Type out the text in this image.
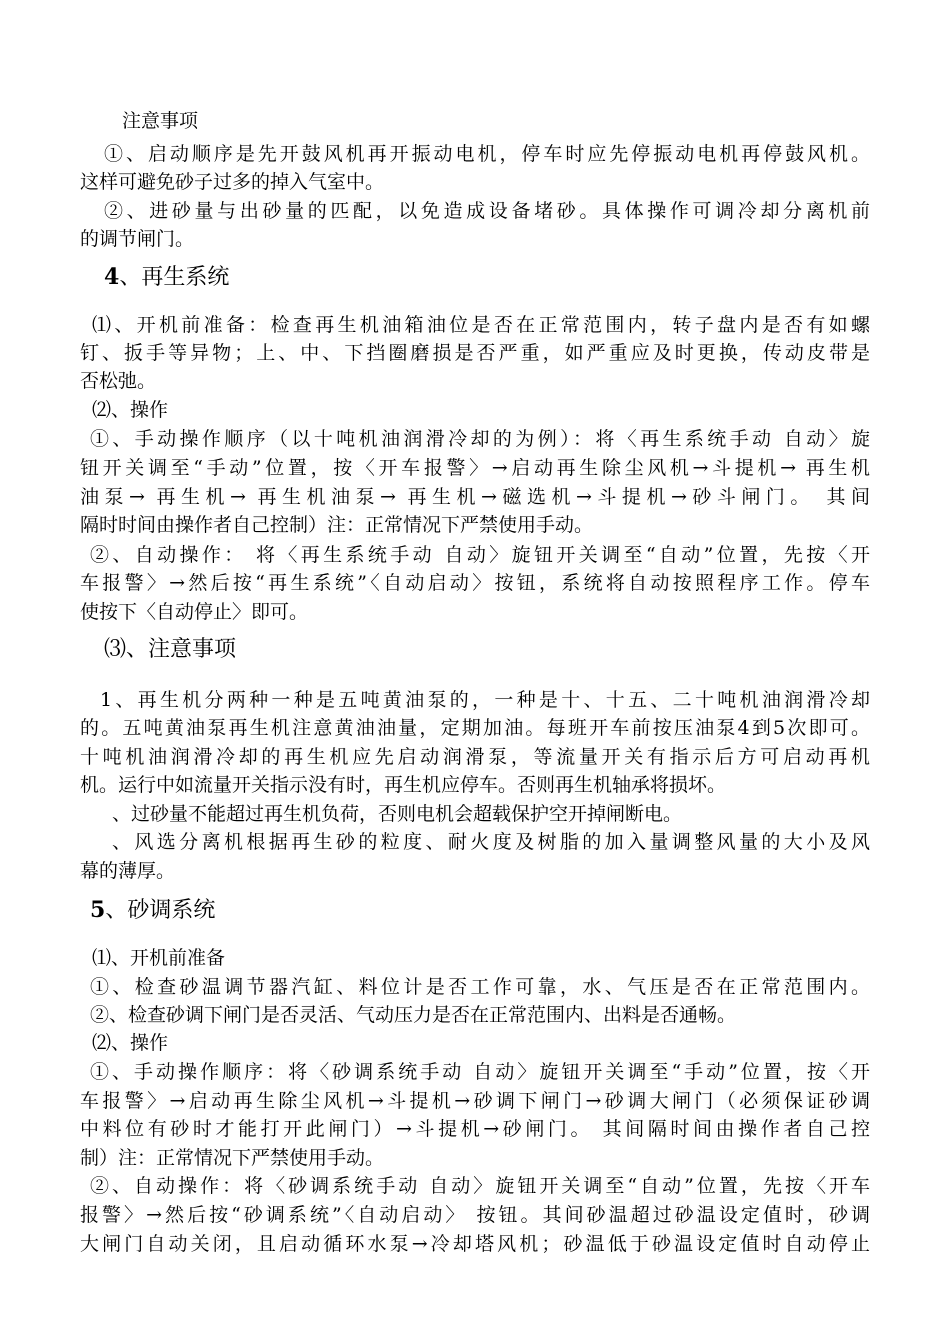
注意事项
①、启动顺序是先开鼓风机再开振动电机，停车时应先停振动电机再停鼓风机。
这样可避免砂子过多的掉入气室中。
②、进砂量与出砂量的匹配，以免造成设备堵砂。具体操作可调冷却分离机前
的调节闸门。
4、再生系统
⑴、开机前准备：检查再生机油箱油位是否在正常范围内，转子盘内是否有如螺
钉、扳手等异物；上、中、下挡圈磨损是否严重，如严重应及时更换，传动皮带是
否松弛。
⑵、操作
①、手动操作顺序（以十吨机油润滑冷却的为例）：将〈再生系统手动 自动〉旋
钮开关调至“手动”位置，按〈开车报警〉→启动再生除尘风机→斗提机→ 再生机
油泵→ 再生机→ 再生机油泵→ 再生机→磁选机→斗提机→砂斗闸门。 其间
隔时时间由操作者自己控制）注：正常情况下严禁使用手动。
②、自动操作： 将〈再生系统手动 自动〉旋钮开关调至“自动”位置，先按〈开
车报警〉→然后按“再生系统”〈自动启动〉按钮，系统将自动按照程序工作。停车
使按下〈自动停止〉即可。
⑶、注意事项
1、再生机分两种一种是五吨黄油泵的，一种是十、十五、二十吨机油润滑冷却
的。五吨黄油泵再生机注意黄油油量，定期加油。每班开车前按压油泵4到5次即可。
十吨机油润滑冷却的再生机应先启动润滑泵，等流量开关有指示后方可启动再机
机。运行中如流量开关指示没有时，再生机应停车。否则再生机轴承将损坏。
、过砂量不能超过再生机负荷，否则电机会超载保护空开掉闸断电。
、风选分离机根据再生砂的粒度、耐火度及树脂的加入量调整风量的大小及风
幕的薄厚。
5、砂调系统
⑴、开机前准备
①、检查砂温调节器汽缸、料位计是否工作可靠，水、气压是否在正常范围内。
②、检查砂调下闸门是否灵活、气动压力是否在正常范围内、出料是否通畅。
⑵、操作
①、手动操作顺序：将〈砂调系统手动 自动〉旋钮开关调至“手动”位置，按〈开
车报警〉→启动再生除尘风机→斗提机→砂调下闸门→砂调大闸门（必须保证砂调
中料位有砂时才能打开此闸门）→斗提机→砂闸门。 其间隔时间由操作者自己控
制）注：正常情况下严禁使用手动。
②、自动操作：将〈砂调系统手动 自动〉旋钮开关调至“自动”位置，先按〈开车
报警〉→然后按“砂调系统”〈自动启动〉 按钮。其间砂温超过砂温设定值时，砂调
大闸门自动关闭，且启动循环水泵→冷却塔风机；砂温低于砂温设定值时自动停止
